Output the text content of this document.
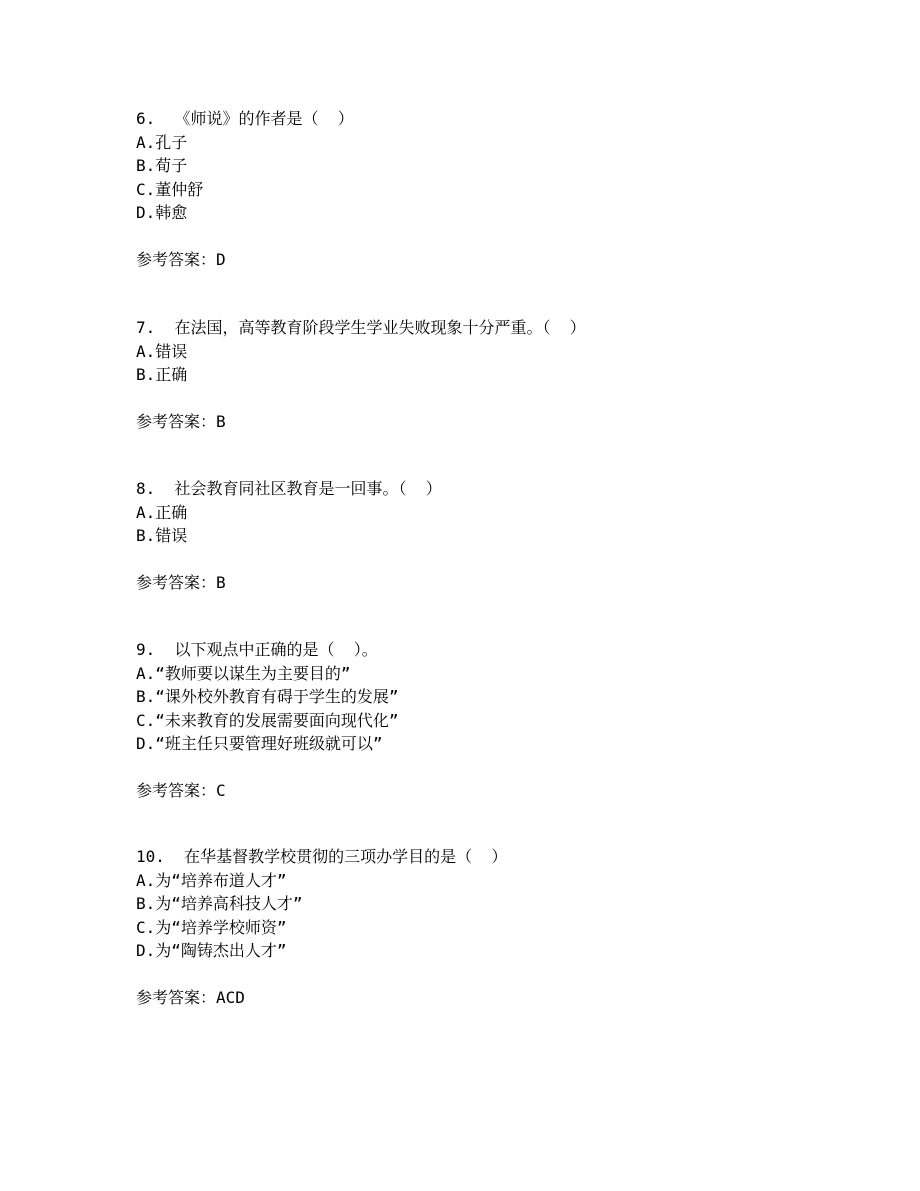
6.  《师说》的作者是（  ）
A.孔子
B.荀子
C.董仲舒
D.韩愈
参考答案：D
7.  在法国，高等教育阶段学生学业失败现象十分严重。（  ）
A.错误
B.正确
参考答案：B
8.  社会教育同社区教育是一回事。（  ）
A.正确
B.错误
参考答案：B
9.  以下观点中正确的是（  ）。
A.“教师要以谋生为主要目的”
B.“课外校外教育有碍于学生的发展”
C.“未来教育的发展需要面向现代化”
D.“班主任只要管理好班级就可以”
参考答案：C
10.  在华基督教学校贯彻的三项办学目的是（  ）
A.为“培养布道人才”
B.为“培养高科技人才”
C.为“培养学校师资”
D.为“陶铸杰出人才”
参考答案：ACD
